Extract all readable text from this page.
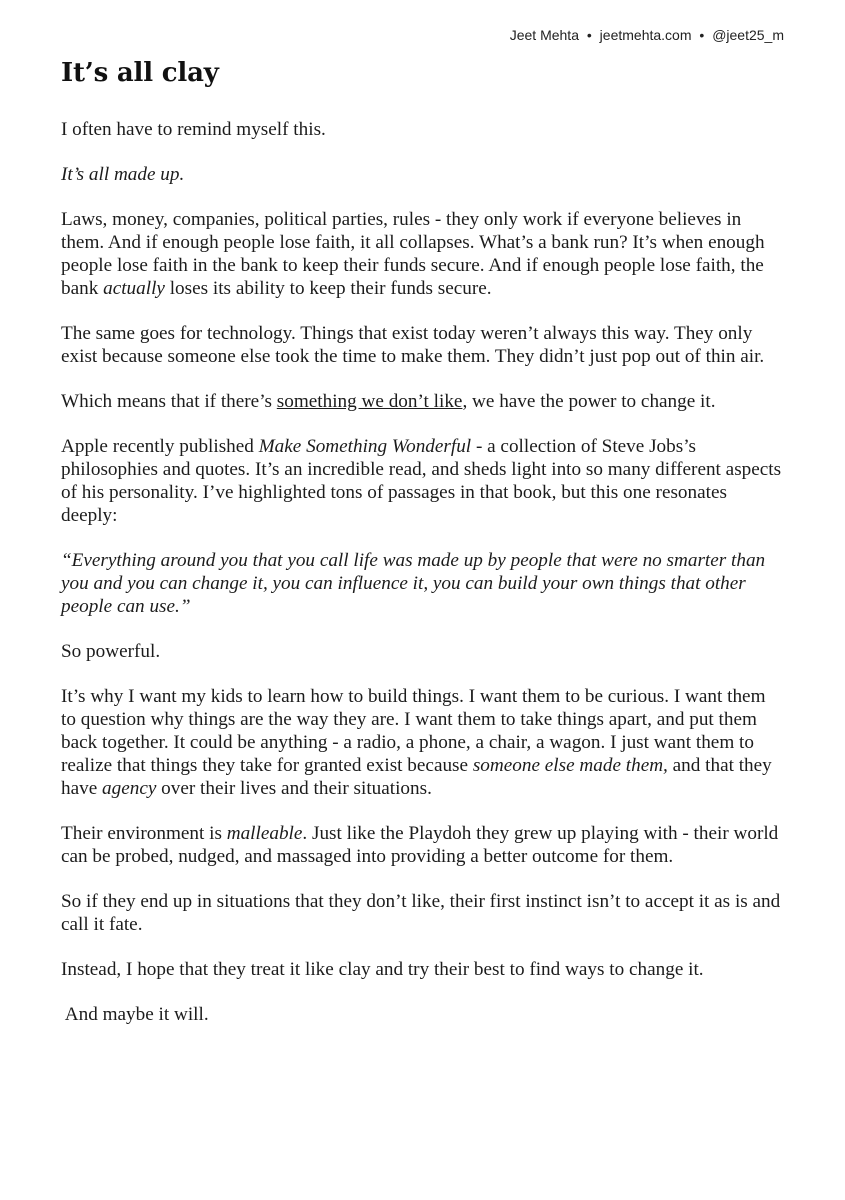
Jeet Mehta • jeetmehta.com • @jeet25_m
It’s all clay

I often have to remind myself this.

It’s all made up.

Laws, money, companies, political parties, rules - they only work if everyone believes in them. And if enough people lose faith, it all collapses. What’s a bank run? It’s when enough people lose faith in the bank to keep their funds secure. And if enough people lose faith, the bank actually loses its ability to keep their funds secure.

The same goes for technology. Things that exist today weren’t always this way. They only exist because someone else took the time to make them. They didn’t just pop out of thin air.

Which means that if there’s something we don’t like, we have the power to change it.

Apple recently published Make Something Wonderful - a collection of Steve Jobs’s philosophies and quotes. It’s an incredible read, and sheds light into so many different aspects of his personality. I’ve highlighted tons of passages in that book, but this one resonates deeply:

“Everything around you that you call life was made up by people that were no smarter than you and you can change it, you can influence it, you can build your own things that other people can use.”

So powerful.

It’s why I want my kids to learn how to build things. I want them to be curious. I want them to question why things are the way they are. I want them to take things apart, and put them back together. It could be anything - a radio, a phone, a chair, a wagon. I just want them to realize that things they take for granted exist because someone else made them, and that they have agency over their lives and their situations.

Their environment is malleable. Just like the Playdoh they grew up playing with - their world can be probed, nudged, and massaged into providing a better outcome for them.

So if they end up in situations that they don’t like, their first instinct isn’t to accept it as is and call it fate.

Instead, I hope that they treat it like clay and try their best to find ways to change it.

And maybe it will.
